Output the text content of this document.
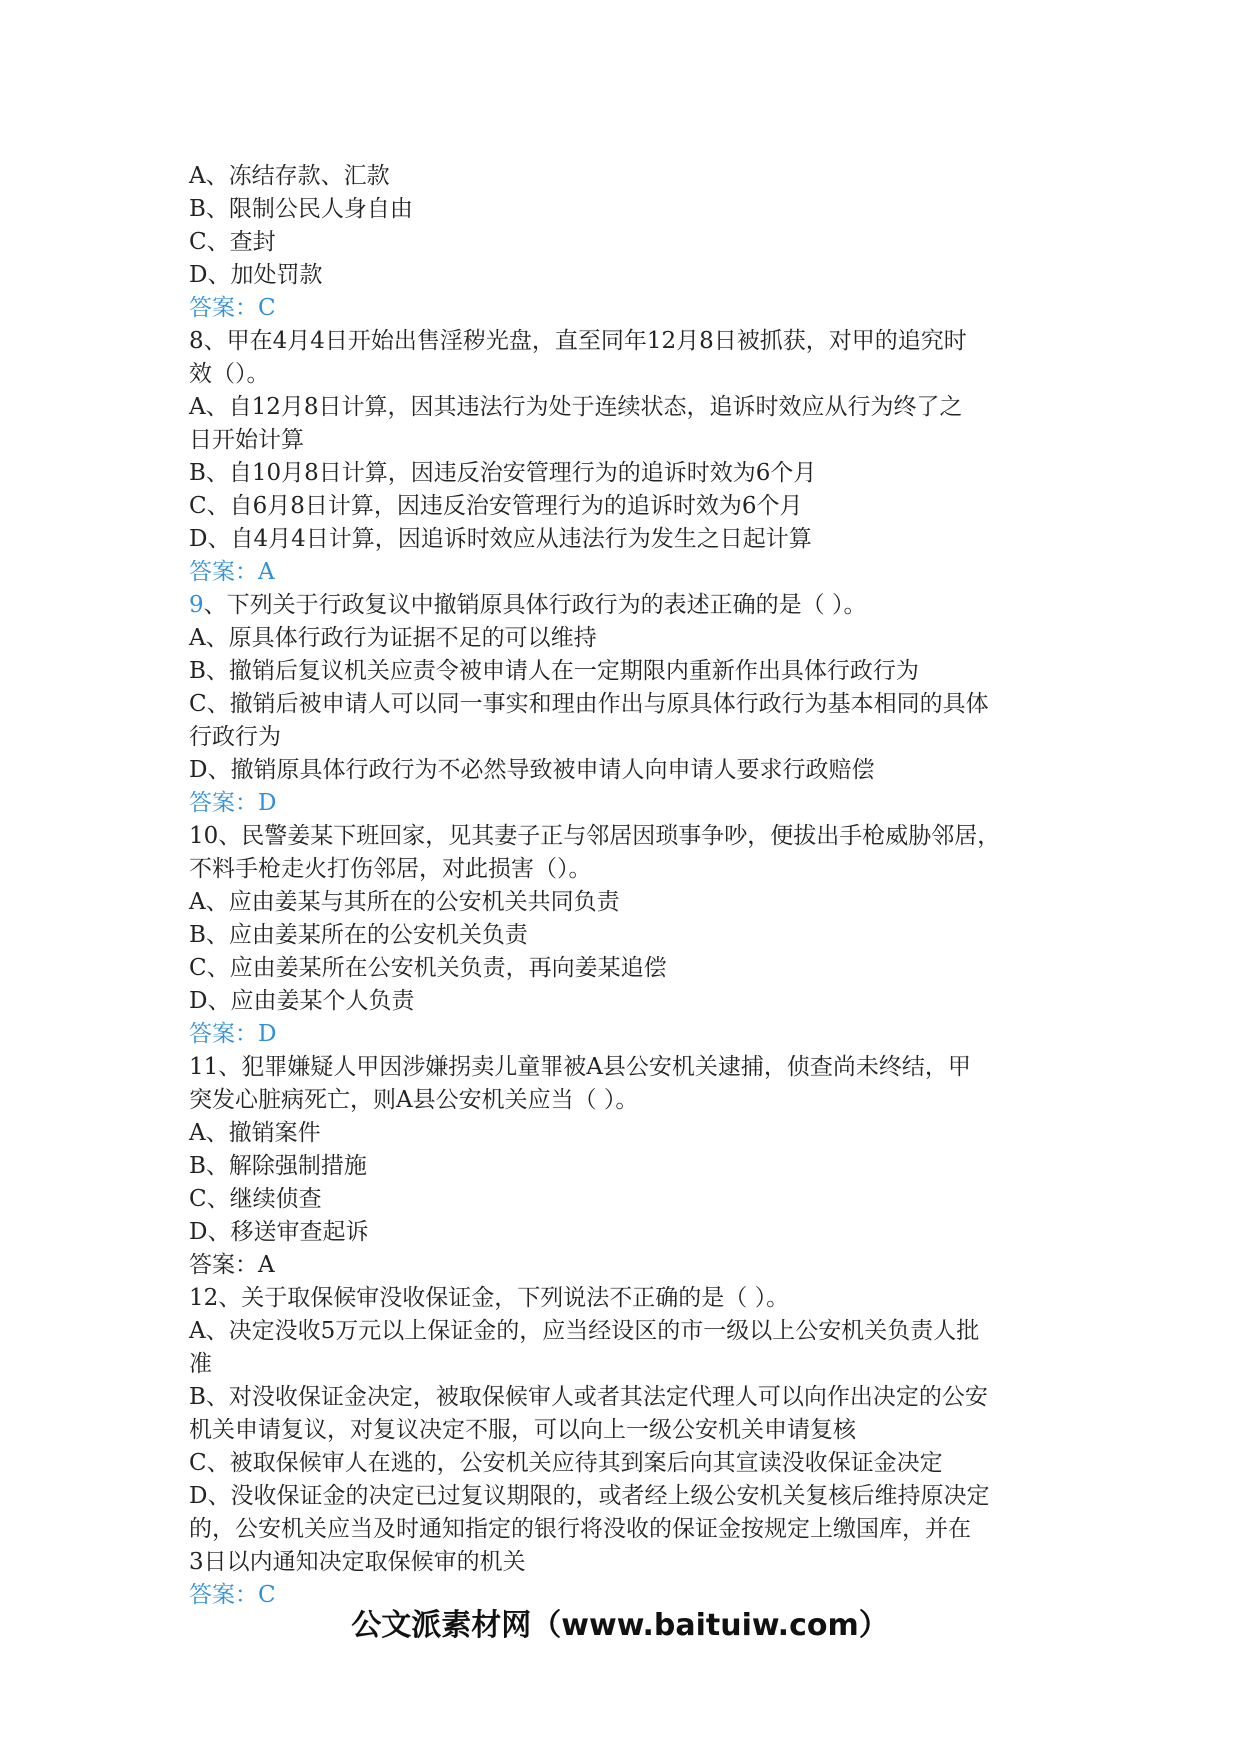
A、冻结存款、汇款
B、限制公民人身自由
C、查封
D、加处罚款
答案：C
8、甲在4月4日开始出售淫秽光盘，直至同年12月8日被抓获，对甲的追究时
效（）。
A、自12月8日计算，因其违法行为处于连续状态，追诉时效应从行为终了之
日开始计算
B、自10月8日计算，因违反治安管理行为的追诉时效为6个月
C、自6月8日计算，因违反治安管理行为的追诉时效为6个月
D、自4月4日计算，因追诉时效应从违法行为发生之日起计算
答案：A
9、下列关于行政复议中撤销原具体行政行为的表述正确的是（ ）。
A、原具体行政行为证据不足的可以维持
B、撤销后复议机关应责令被申请人在一定期限内重新作出具体行政行为
C、撤销后被申请人可以同一事实和理由作出与原具体行政行为基本相同的具体
行政行为
D、撤销原具体行政行为不必然导致被申请人向申请人要求行政赔偿
答案：D
10、民警姜某下班回家，见其妻子正与邻居因琐事争吵，便拔出手枪威胁邻居，
不料手枪走火打伤邻居，对此损害（）。
A、应由姜某与其所在的公安机关共同负责
B、应由姜某所在的公安机关负责
C、应由姜某所在公安机关负责，再向姜某追偿
D、应由姜某个人负责
答案：D
11、犯罪嫌疑人甲因涉嫌拐卖儿童罪被A县公安机关逮捕，侦查尚未终结，甲
突发心脏病死亡，则A县公安机关应当（ ）。
A、撤销案件
B、解除强制措施
C、继续侦查
D、移送审查起诉
答案：A
12、关于取保候审没收保证金，下列说法不正确的是（ ）。
A、决定没收5万元以上保证金的，应当经设区的市一级以上公安机关负责人批
准
B、对没收保证金决定，被取保候审人或者其法定代理人可以向作出决定的公安
机关申请复议，对复议决定不服，可以向上一级公安机关申请复核
C、被取保候审人在逃的，公安机关应待其到案后向其宣读没收保证金决定
D、没收保证金的决定已过复议期限的，或者经上级公安机关复核后维持原决定
的，公安机关应当及时通知指定的银行将没收的保证金按规定上缴国库，并在
3日以内通知决定取保候审的机关
答案：C
公文派素材网（www.baituiw.com）
